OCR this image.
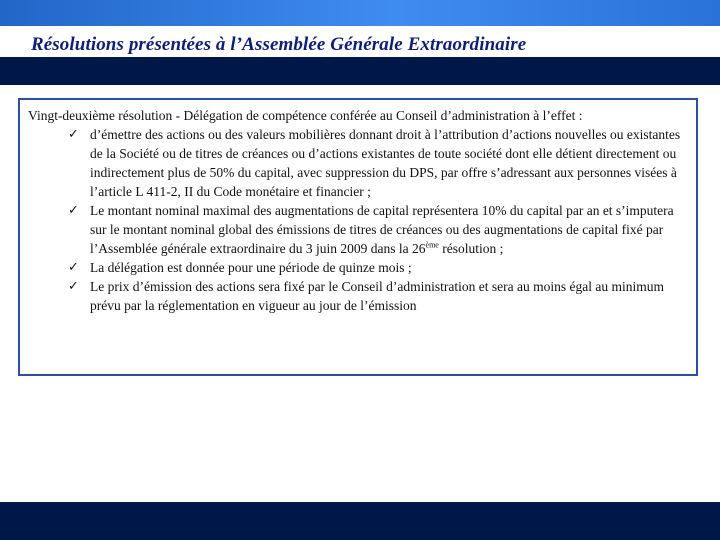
Résolutions présentées à l’Assemblée Générale Extraordinaire

Vingt-deuxième résolution - Délégation de compétence conférée au Conseil d’administration à l’effet :

✓ d’émettre des actions ou des valeurs mobilières donnant droit à l’attribution d’actions nouvelles ou existantes de la Société ou de titres de créances ou d’actions existantes de toute société dont elle détient directement ou indirectement plus de 50% du capital, avec suppression du DPS, par offre s’adressant aux personnes visées à l’article L 411-2, II du Code monétaire et financier ;
✓ Le montant nominal maximal des augmentations de capital représentera 10% du capital par an et s’imputera sur le montant nominal global des émissions de titres de créances ou des augmentations de capital fixé par l’Assemblée générale extraordinaire du 3 juin 2009 dans la 26ème résolution ;
✓ La délégation est donnée pour une période de quinze mois ;
✓ Le prix d’émission des actions sera fixé par le Conseil d’administration et sera au moins égal au minimum prévu par la réglementation en vigueur au jour de l’émission
